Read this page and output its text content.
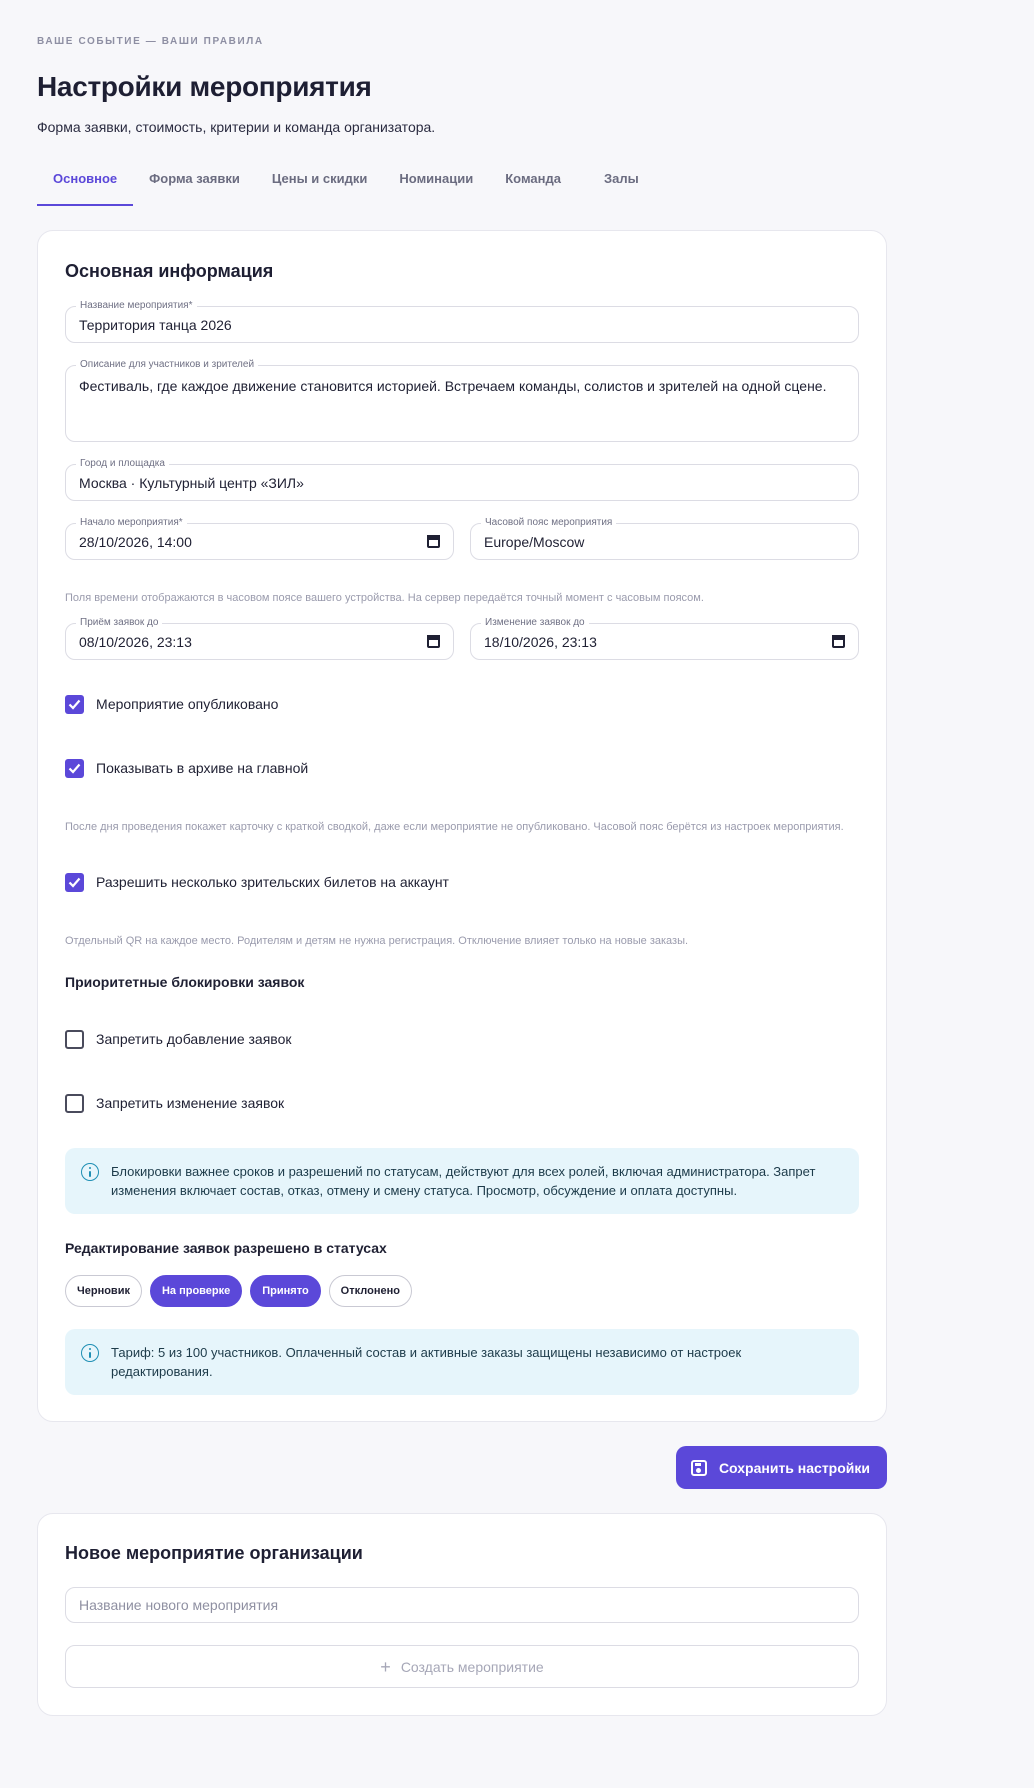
ВАШЕ СОБЫТИЕ — ВАШИ ПРАВИЛА
Настройки мероприятия
Форма заявки, стоимость, критерии и команда организатора.
Основное	Форма заявки	Цены и скидки	Номинации	Команда	Залы
Основная информация
Название мероприятия*
Территория танца 2026
Описание для участников и зрителей
Фестиваль, где каждое движение становится историей. Встречаем команды, солистов и зрителей на одной сцене.
Город и площадка
Москва · Культурный центр «ЗИЛ»
Начало мероприятия*
28/10/2026, 14:00
Часовой пояс мероприятия
Europe/Moscow
Поля времени отображаются в часовом поясе вашего устройства. На сервер передаётся точный момент с часовым поясом.
Приём заявок до
08/10/2026, 23:13
Изменение заявок до
18/10/2026, 23:13
Мероприятие опубликовано
Показывать в архиве на главной
После дня проведения покажет карточку с краткой сводкой, даже если мероприятие не опубликовано. Часовой пояс берётся из настроек мероприятия.
Разрешить несколько зрительских билетов на аккаунт
Отдельный QR на каждое место. Родителям и детям не нужна регистрация. Отключение влияет только на новые заказы.
Приоритетные блокировки заявок
Запретить добавление заявок
Запретить изменение заявок
Блокировки важнее сроков и разрешений по статусам, действуют для всех ролей, включая администратора. Запрет изменения включает состав, отказ, отмену и смену статуса. Просмотр, обсуждение и оплата доступны.
Редактирование заявок разрешено в статусах
Черновик	На проверке	Принято	Отклонено
Тариф: 5 из 100 участников. Оплаченный состав и активные заказы защищены независимо от настроек редактирования.
Сохранить настройки
Новое мероприятие организации
Название нового мероприятия
+ Создать мероприятие
